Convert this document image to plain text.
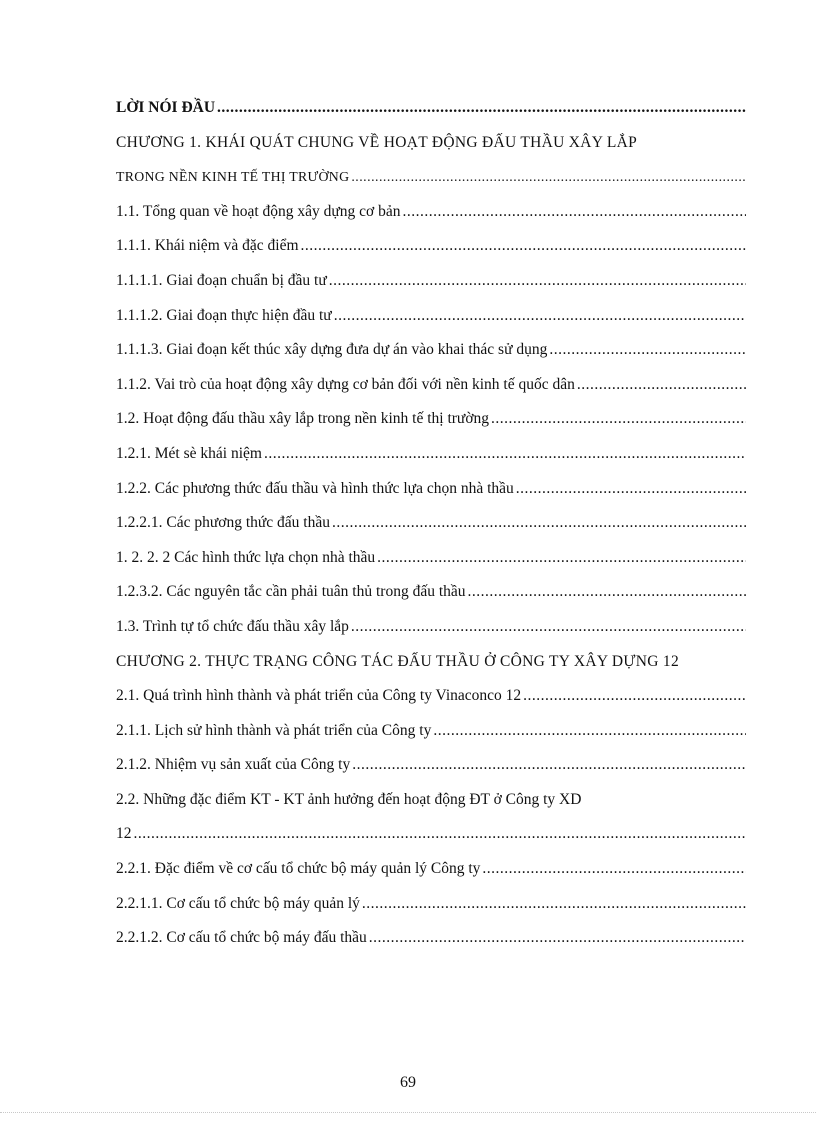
LỜI NÓI ĐẦU
.....
CHƯƠNG 1. KHÁI QUÁT CHUNG VỀ HOẠT ĐỘNG ĐẤU THẦU XÂY LẮP
TRONG NỀN KINH TẾ THỊ TRƯỜNG
.....
1.1. Tổng quan về hoạt động xây dựng cơ bản
.....
1.1.1. Khái niệm và đặc điểm
.....
1.1.1.1. Giai đoạn chuẩn bị đầu tư
.....
1.1.1.2. Giai đoạn thực hiện đầu tư
.....
1.1.1.3. Giai đoạn kết thúc xây dựng đưa dự án vào khai thác sử dụng
.....
1.1.2. Vai trò của hoạt động xây dựng cơ bản đối với nền kinh tế quốc dân
.....
1.2. Hoạt động đấu thầu xây lắp trong nền kinh tế thị trường
.....
1.2.1. Mét sè khái niệm
.....
1.2.2. Các phương thức đấu thầu và hình thức lựa chọn nhà thầu
.....
1.2.2.1. Các phương thức đấu thầu
.....
1. 2. 2. 2 Các hình thức lựa chọn nhà thầu
.....
1.2.3.2. Các nguyên tắc cần phải tuân thủ trong đấu thầu
.....
1.3. Trình tự tổ chức đấu thầu xây lắp
.....
CHƯƠNG 2. THỰC TRẠNG CÔNG TÁC ĐẤU THẦU Ở CÔNG TY XÂY DỰNG 12
2.1. Quá trình hình thành và phát triển của Công ty Vinaconco 12
.....
2.1.1. Lịch sử hình thành và phát triển của Công ty
.....
2.1.2. Nhiệm vụ sản xuất của Công ty
.....
2.2. Những đặc điểm KT - KT ảnh hưởng đến hoạt động ĐT ở Công ty XD
12
.....
2.2.1. Đặc điểm về cơ cấu tổ chức bộ máy quản lý Công ty
.....
2.2.1.1. Cơ cấu tổ chức bộ máy quản lý
.....
2.2.1.2. Cơ cấu tổ chức bộ máy đấu thầu
.....
69
